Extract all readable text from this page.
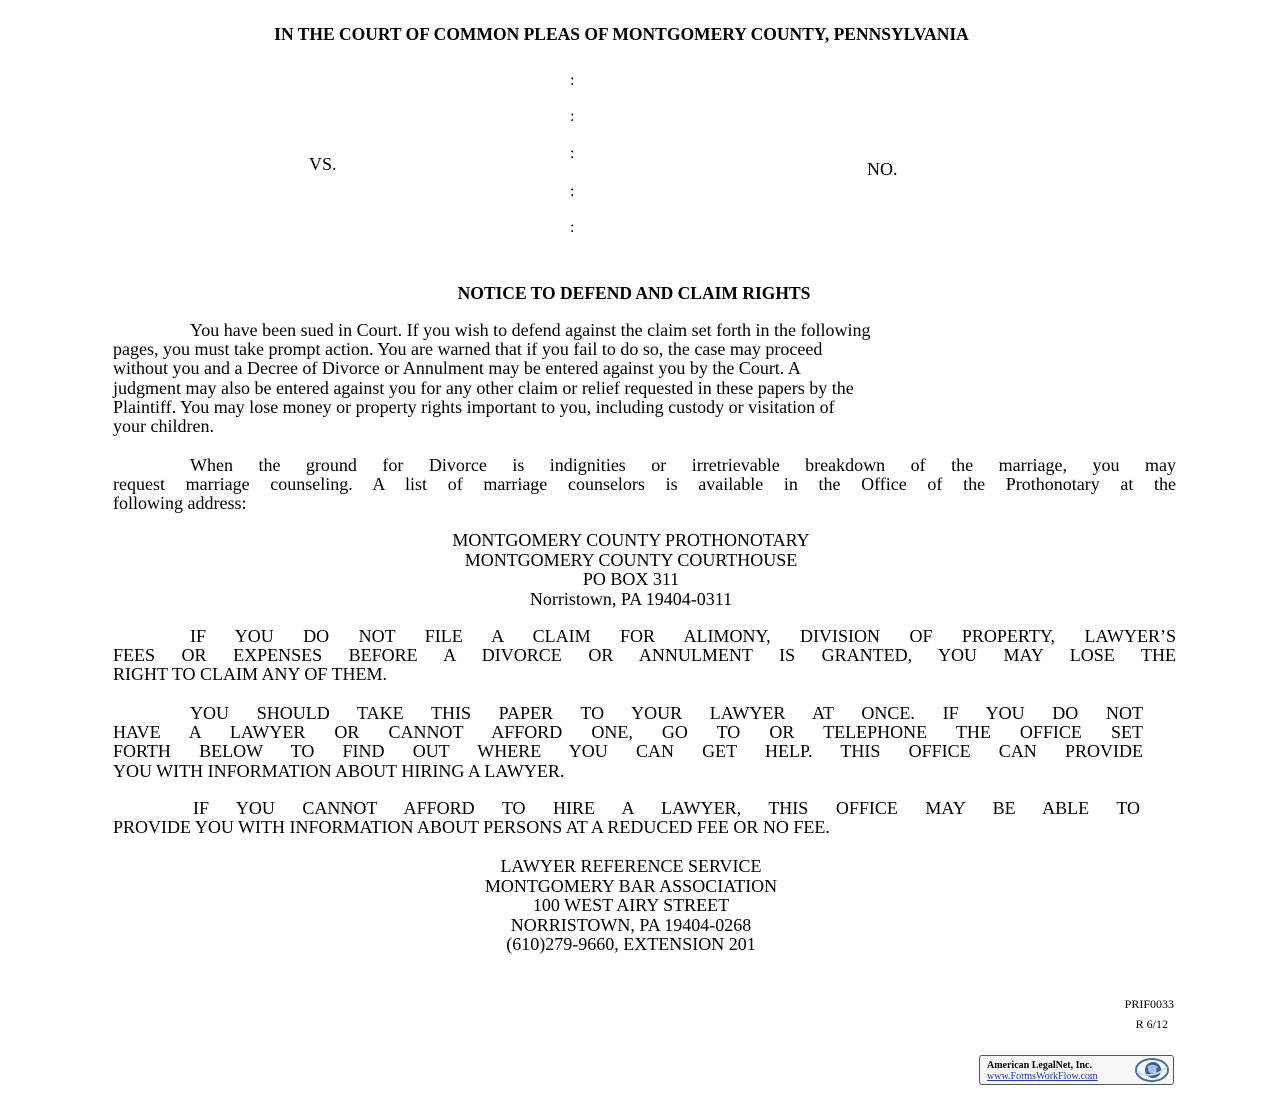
IN THE COURT OF COMMON PLEAS OF MONTGOMERY COUNTY, PENNSYLVANIA
:
:
:
:
:
VS.	NO.
NOTICE TO DEFEND AND CLAIM RIGHTS
You have been sued in Court. If you wish to defend against the claim set forth in the following
pages, you must take prompt action. You are warned that if you fail to do so, the case may proceed
without you and a Decree of Divorce or Annulment may be entered against you by the Court. A
judgment may also be entered against you for any other claim or relief requested in these papers by the
Plaintiff. You may lose money or property rights important to you, including custody or visitation of
your children.
When the ground for Divorce is indignities or irretrievable breakdown of the marriage, you may
request marriage counseling. A list of marriage counselors is available in the Office of the Prothonotary at the
following address:
MONTGOMERY COUNTY PROTHONOTARY
MONTGOMERY COUNTY COURTHOUSE
PO BOX 311
Norristown, PA 19404-0311
IF YOU DO NOT FILE A CLAIM FOR ALIMONY, DIVISION OF PROPERTY, LAWYER’S
FEES OR EXPENSES BEFORE A DIVORCE OR ANNULMENT IS GRANTED, YOU MAY LOSE THE
RIGHT TO CLAIM ANY OF THEM.
YOU SHOULD TAKE THIS PAPER TO YOUR LAWYER AT ONCE. IF YOU DO NOT
HAVE A LAWYER OR CANNOT AFFORD ONE, GO TO OR TELEPHONE THE OFFICE SET
FORTH BELOW TO FIND OUT WHERE YOU CAN GET HELP. THIS OFFICE CAN PROVIDE
YOU WITH INFORMATION ABOUT HIRING A LAWYER.
IF YOU CANNOT AFFORD TO HIRE A LAWYER, THIS OFFICE MAY BE ABLE TO
PROVIDE YOU WITH INFORMATION ABOUT PERSONS AT A REDUCED FEE OR NO FEE.
LAWYER REFERENCE SERVICE
MONTGOMERY BAR ASSOCIATION
100 WEST AIRY STREET
NORRISTOWN, PA 19404-0268
(610)279-9660, EXTENSION 201
PRIF0033
R 6/12
American LegalNet, Inc.
www.FormsWorkFlow.com
